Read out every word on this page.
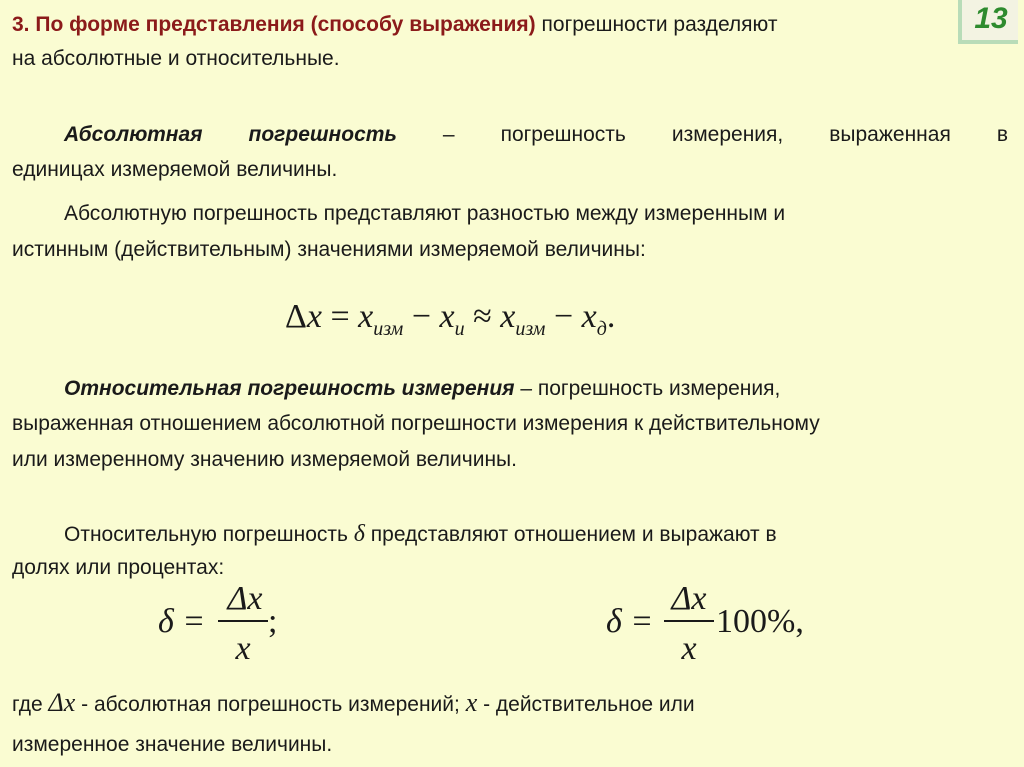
13
3. По форме представления (способу выражения) погрешности разделяют
на абсолютные и относительные.
Абсолютная погрешность – погрешность измерения, выраженная в
единицах измеряемой величины.
Абсолютную погрешность представляют разностью между измеренным и
истинным (действительным) значениями измеряемой величины:
$\Delta x = x_{изм} - x_и \approx x_{изм} - x_д$.
Относительная погрешность измерения – погрешность измерения,
выраженная отношением абсолютной погрешности измерения к действительному
или измеренному значению измеряемой величины.
Относительную погрешность δ представляют отношением и выражают в
долях или процентах:
δ =
Δx
x
;	δ =
Δx
x
100%,
где Δx - абсолютная погрешность измерений; x - действительное или
измеренное значение величины.
